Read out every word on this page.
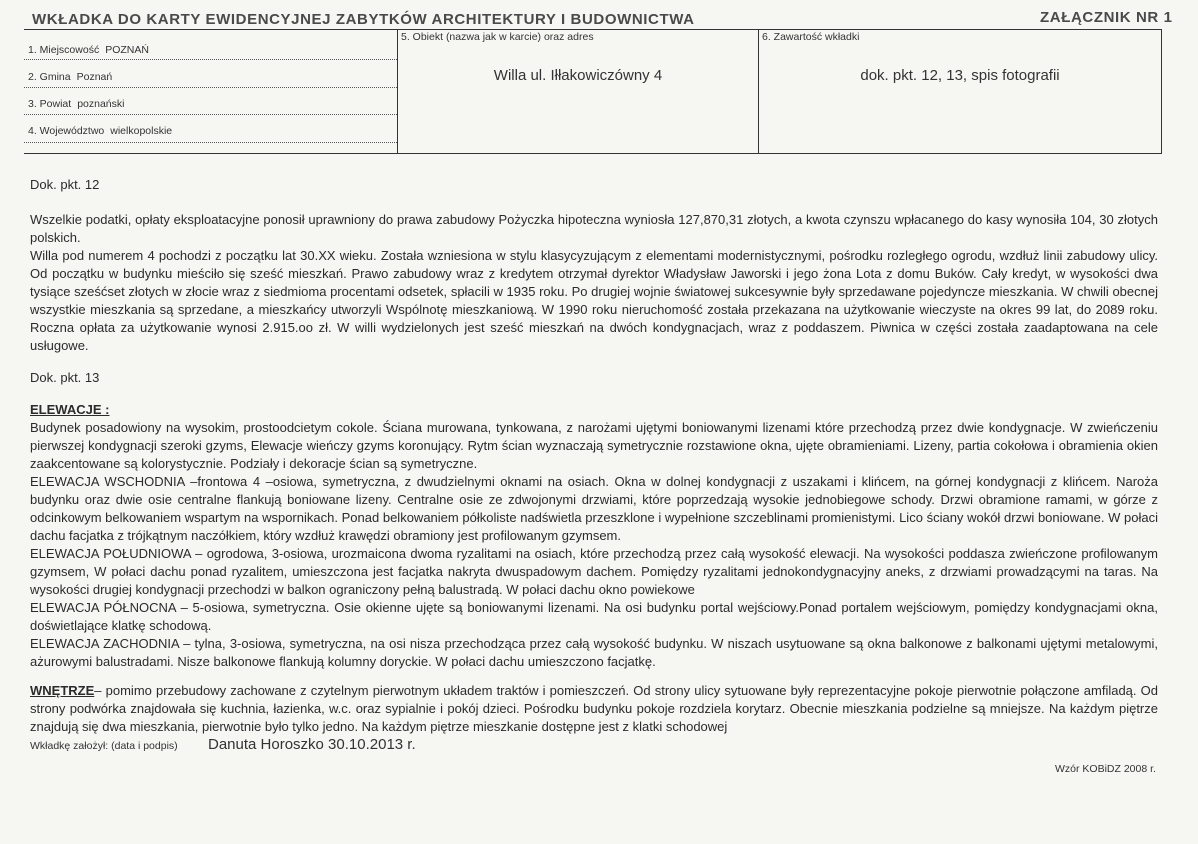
WKŁADKA DO KARTY EWIDENCYJNEJ ZABYTKÓW ARCHITEKTURY I BUDOWNICTWA	ZAŁĄCZNIK NR 1
1. Miejscowość POZNAŃ
2. Gmina Poznań
3. Powiat poznański
4. Województwo wielkopolskie
5. Obiekt (nazwa jak w karcie) oraz adres
Willa ul. Iłłakowiczówny 4
6. Zawartość wkładki
dok. pkt. 12, 13, spis fotografii

Dok. pkt. 12

Wszelkie podatki, opłaty eksploatacyjne ponosił uprawniony do prawa zabudowy Pożyczka hipoteczna wyniosła 127,870,31 złotych, a kwota czynszu wpłacanego do kasy wynosiła 104, 30 złotych polskich.

Willa pod numerem 4 pochodzi z początku lat 30.XX wieku. Została wzniesiona w stylu klasycyzującym z elementami modernistycznymi, pośrodku rozległego ogrodu, wzdłuż linii zabudowy ulicy. Od początku w budynku mieściło się sześć mieszkań. Prawo zabudowy wraz z kredytem otrzymał dyrektor Władysław Jaworski i jego żona Lota z domu Buków. Cały kredyt, w wysokości dwa tysiące sześćset złotych w złocie wraz z siedmioma procentami odsetek, spłacili w 1935 roku. Po drugiej wojnie światowej sukcesywnie były sprzedawane pojedyncze mieszkania. W chwili obecnej wszystkie mieszkania są sprzedane, a mieszkańcy utworzyli Wspólnotę mieszkaniową. W 1990 roku nieruchomość została przekazana na użytkowanie wieczyste na okres 99 lat, do 2089 roku. Roczna opłata za użytkowanie wynosi 2.915.oo zł. W willi wydzielonych jest sześć mieszkań na dwóch kondygnacjach, wraz z poddaszem. Piwnica w części została zaadaptowana na cele usługowe.

Dok. pkt. 13

ELEWACJE :

Budynek posadowiony na wysokim, prostoodcietym cokole. Ściana murowana, tynkowana, z narożami ujętymi boniowanymi lizenami które przechodzą przez dwie kondygnacje. W zwieńczeniu pierwszej kondygnacji szeroki gzyms, Elewacje wieńczy gzyms koronujący. Rytm ścian wyznaczają symetrycznie rozstawione okna, ujęte obramieniami. Lizeny, partia cokołowa i obramienia okien zaakcentowane są kolorystycznie. Podziały i dekoracje ścian są symetryczne.

ELEWACJA WSCHODNIA –frontowa 4 –osiowa, symetryczna, z dwudzielnymi oknami na osiach. Okna w dolnej kondygnacji z uszakami i klińcem, na górnej kondygnacji z klińcem. Naroża budynku oraz dwie osie centralne flankują boniowane lizeny. Centralne osie ze zdwojonymi drzwiami, które poprzedzają wysokie jednobiegowe schody. Drzwi obramione ramami, w górze z odcinkowym belkowaniem wspartym na wspornikach. Ponad belkowaniem półkoliste nadświetla przeszklone i wypełnione szczeblinami promienistymi. Lico ściany wokół drzwi boniowane. W połaci dachu facjatka z trójkątnym naczółkiem, który wzdłuż krawędzi obramiony jest profilowanym gzymsem.

ELEWACJA POŁUDNIOWA – ogrodowa, 3-osiowa, urozmaicona dwoma ryzalitami na osiach, które przechodzą przez całą wysokość elewacji. Na wysokości poddasza zwieńczone profilowanym gzymsem, W połaci dachu ponad ryzalitem, umieszczona jest facjatka nakryta dwuspadowym dachem. Pomiędzy ryzalitami jednokondygnacyjny aneks, z drzwiami prowadzącymi na taras. Na wysokości drugiej kondygnacji przechodzi w balkon ograniczony pełną balustradą. W połaci dachu okno powiekowe

ELEWACJA PÓŁNOCNA – 5-osiowa, symetryczna. Osie okienne ujęte są boniowanymi lizenami. Na osi budynku portal wejściowy.Ponad portalem wejściowym, pomiędzy kondygnacjami okna, doświetlające klatkę schodową.

ELEWACJA ZACHODNIA – tylna, 3-osiowa, symetryczna, na osi nisza przechodząca przez całą wysokość budynku. W niszach usytuowane są okna balkonowe z balkonami ujętymi metalowymi, ażurowymi balustradami. Nisze balkonowe flankują kolumny doryckie. W połaci dachu umieszczono facjatkę.

WNĘTRZE– pomimo przebudowy zachowane z czytelnym pierwotnym układem traktów i pomieszczeń. Od strony ulicy sytuowane były reprezentacyjne pokoje pierwotnie połączone amfiladą. Od strony podwórka znajdowała się kuchnia, łazienka, w.c. oraz sypialnie i pokój dzieci. Pośrodku budynku pokoje rozdziela korytarz. Obecnie mieszkania podzielne są mniejsze. Na każdym piętrze znajdują się dwa mieszkania, pierwotnie było tylko jedno. Na każdym piętrze mieszkanie dostępne jest z klatki schodowej

Wkładkę założył: (data i podpis) Danuta Horoszko 30.10.2013 r.
Wzór KOBiDZ 2008 r.
